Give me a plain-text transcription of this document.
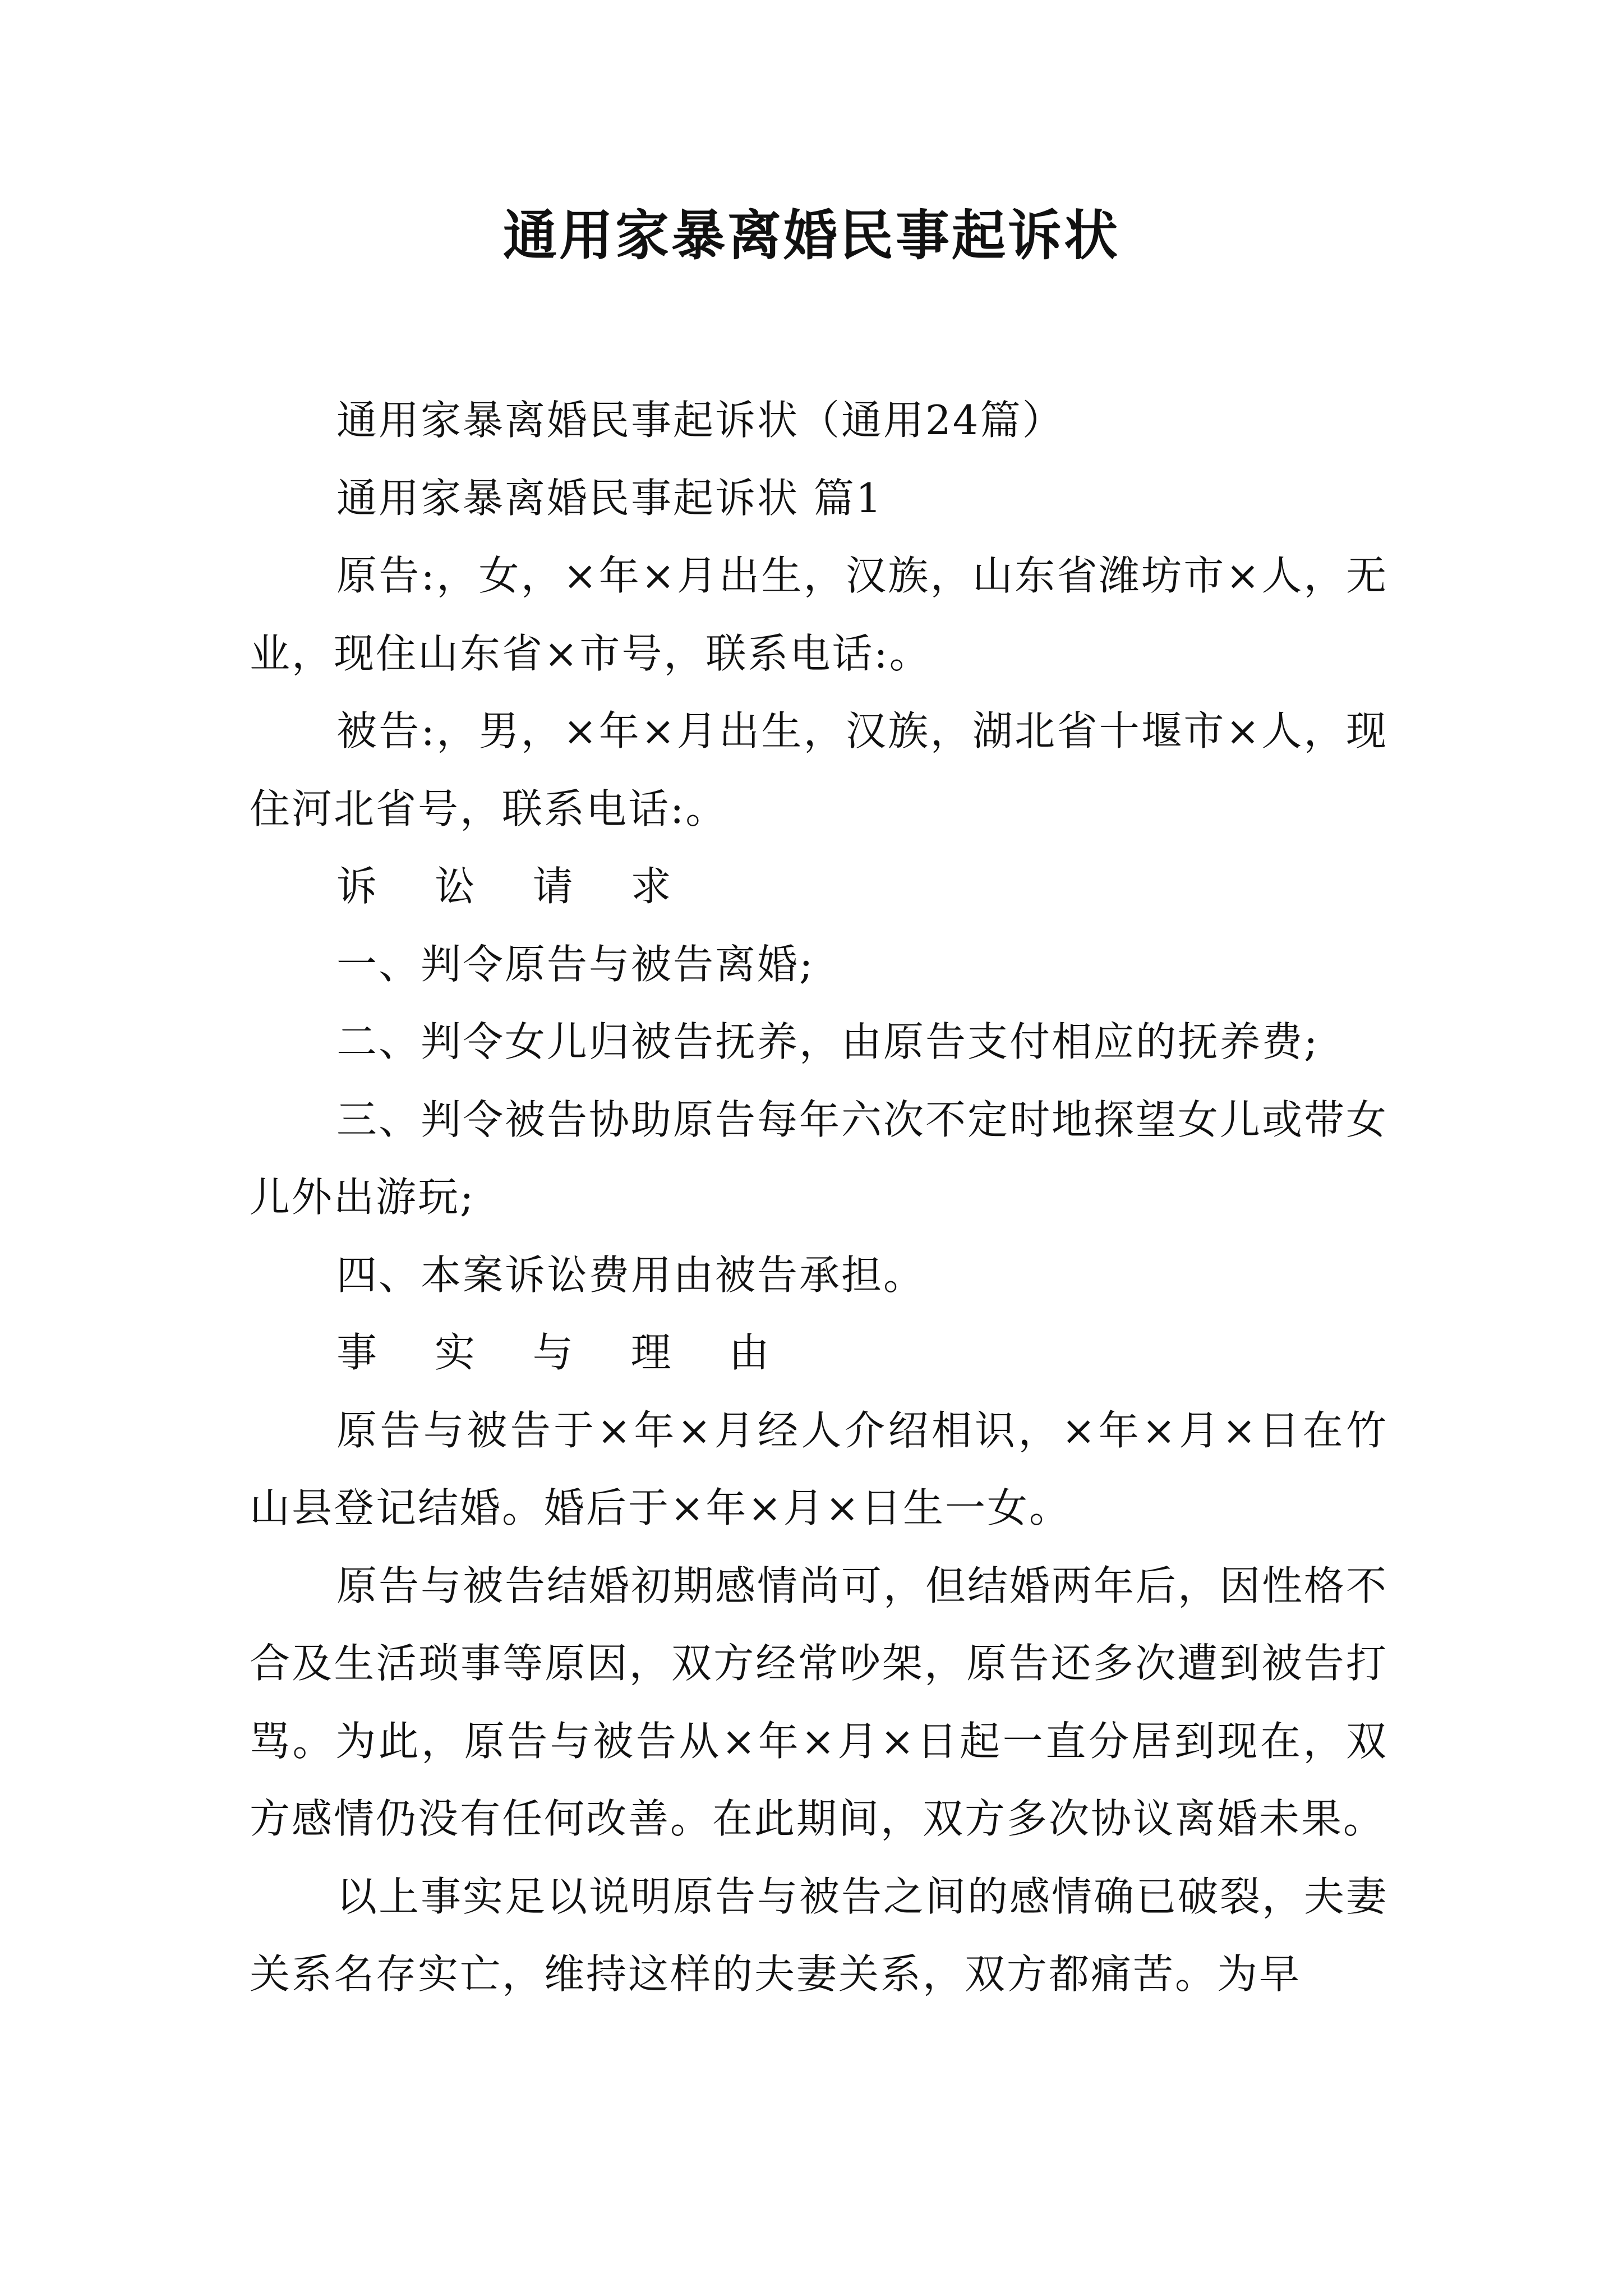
通用家暴离婚民事起诉状

通用家暴离婚民事起诉状（通用24篇）

通用家暴离婚民事起诉状 篇1

原告:，女，×年×月出生，汉族，山东省潍坊市×人，无业，现住山东省×市号，联系电话:。

被告:，男，×年×月出生，汉族，湖北省十堰市×人，现住河北省号，联系电话:。

诉 讼 请 求

一、判令原告与被告离婚;

二、判令女儿归被告抚养，由原告支付相应的抚养费;

三、判令被告协助原告每年六次不定时地探望女儿或带女儿外出游玩;

四、本案诉讼费用由被告承担。

事 实 与 理 由

原告与被告于×年×月经人介绍相识，×年×月×日在竹山县登记结婚。婚后于×年×月×日生一女。

原告与被告结婚初期感情尚可，但结婚两年后，因性格不合及生活琐事等原因，双方经常吵架，原告还多次遭到被告打骂。为此，原告与被告从×年×月×日起一直分居到现在，双方感情仍没有任何改善。在此期间，双方多次协议离婚未果。

以上事实足以说明原告与被告之间的感情确已破裂，夫妻关系名存实亡，维持这样的夫妻关系，双方都痛苦。为早
